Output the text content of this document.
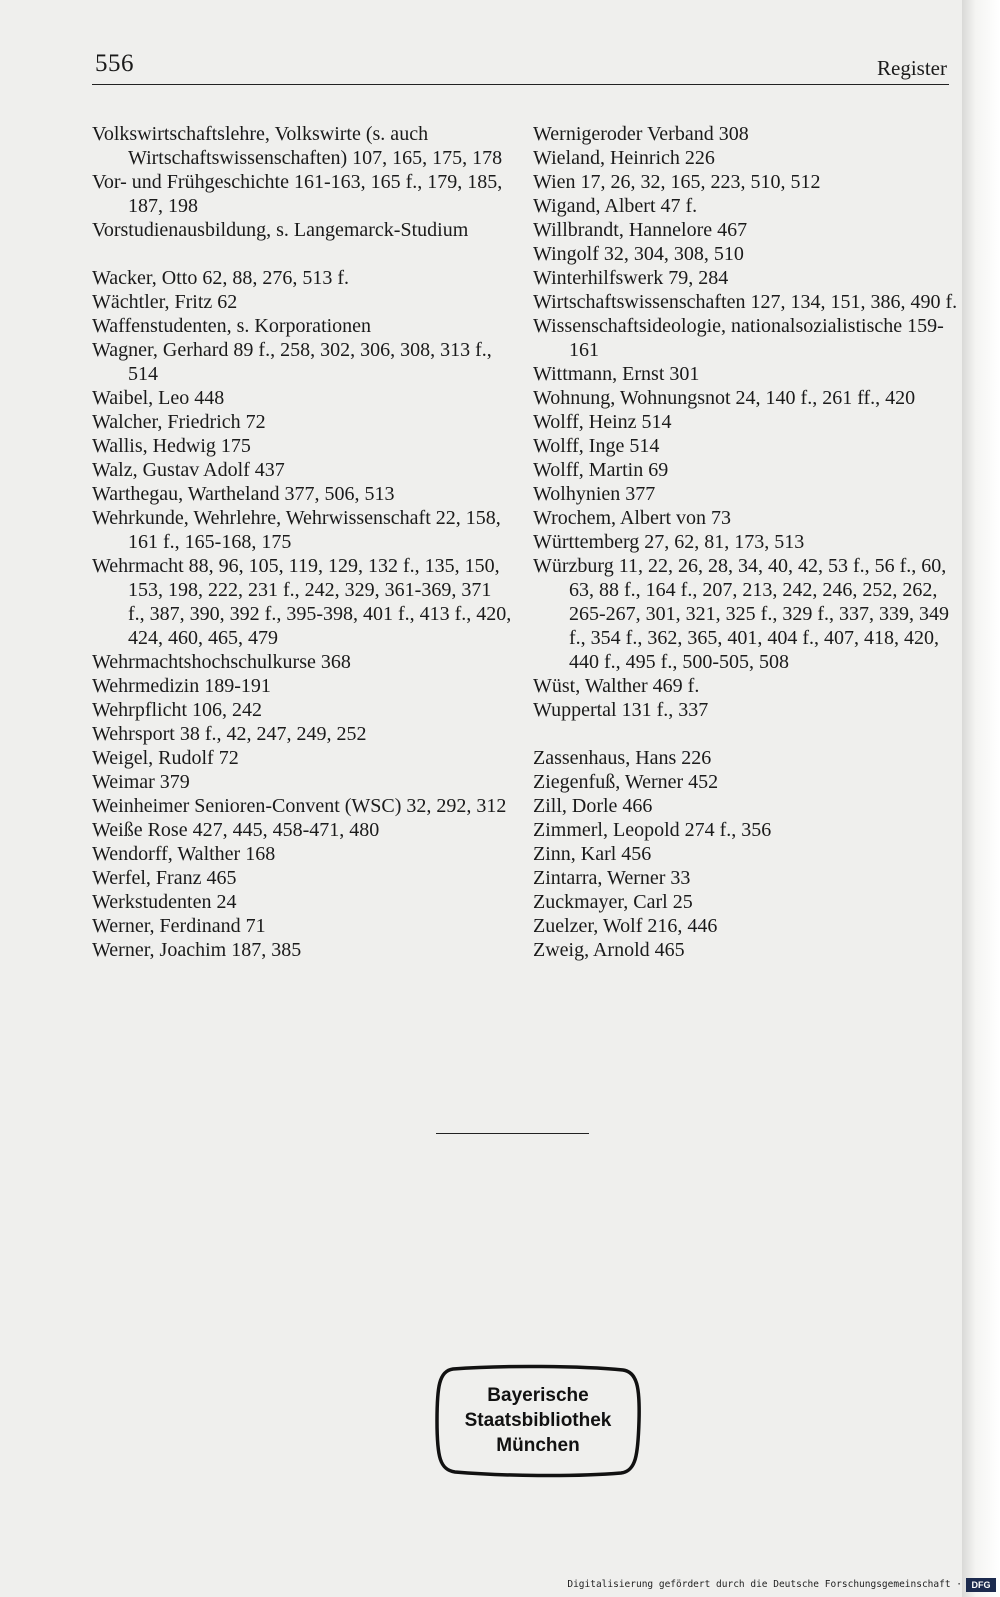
556	Register

Volkswirtschaftslehre, Volkswirte (s. auch Wirtschaftswissenschaften) 107, 165, 175, 178

Vor- und Frühgeschichte 161-163, 165 f., 179, 185, 187, 198

Vorstudienausbildung, s. Langemarck-Studium

Wacker, Otto 62, 88, 276, 513 f.

Wächtler, Fritz 62

Waffenstudenten, s. Korporationen

Wagner, Gerhard 89 f., 258, 302, 306, 308, 313 f., 514

Waibel, Leo 448

Walcher, Friedrich 72

Wallis, Hedwig 175

Walz, Gustav Adolf 437

Warthegau, Wartheland 377, 506, 513

Wehrkunde, Wehrlehre, Wehrwissenschaft 22, 158, 161 f., 165-168, 175

Wehrmacht 88, 96, 105, 119, 129, 132 f., 135, 150, 153, 198, 222, 231 f., 242, 329, 361-369, 371 f., 387, 390, 392 f., 395-398, 401 f., 413 f., 420, 424, 460, 465, 479

Wehrmachtshochschulkurse 368

Wehrmedizin 189-191

Wehrpflicht 106, 242

Wehrsport 38 f., 42, 247, 249, 252

Weigel, Rudolf 72

Weimar 379

Weinheimer Senioren-Convent (WSC) 32, 292, 312

Weiße Rose 427, 445, 458-471, 480

Wendorff, Walther 168

Werfel, Franz 465

Werkstudenten 24

Werner, Ferdinand 71

Werner, Joachim 187, 385

Wernigeroder Verband 308

Wieland, Heinrich 226

Wien 17, 26, 32, 165, 223, 510, 512

Wigand, Albert 47 f.

Willbrandt, Hannelore 467

Wingolf 32, 304, 308, 510

Winterhilfswerk 79, 284

Wirtschaftswissenschaften 127, 134, 151, 386, 490 f.

Wissenschaftsideologie, nationalsozialistische 159-161

Wittmann, Ernst 301

Wohnung, Wohnungsnot 24, 140 f., 261 ff., 420

Wolff, Heinz 514

Wolff, Inge 514

Wolff, Martin 69

Wolhynien 377

Wrochem, Albert von 73

Württemberg 27, 62, 81, 173, 513

Würzburg 11, 22, 26, 28, 34, 40, 42, 53 f., 56 f., 60, 63, 88 f., 164 f., 207, 213, 242, 246, 252, 262, 265-267, 301, 321, 325 f., 329 f., 337, 339, 349 f., 354 f., 362, 365, 401, 404 f., 407, 418, 420, 440 f., 495 f., 500-505, 508

Wüst, Walther 469 f.

Wuppertal 131 f., 337

Zassenhaus, Hans 226

Ziegenfuß, Werner 452

Zill, Dorle 466

Zimmerl, Leopold 274 f., 356

Zinn, Karl 456

Zintarra, Werner 33

Zuckmayer, Carl 25

Zuelzer, Wolf 216, 446

Zweig, Arnold 465

Bayerische
Staatsbibliothek
München
Digitalisierung gefördert durch die Deutsche Forschungsgemeinschaft ·	DFG
